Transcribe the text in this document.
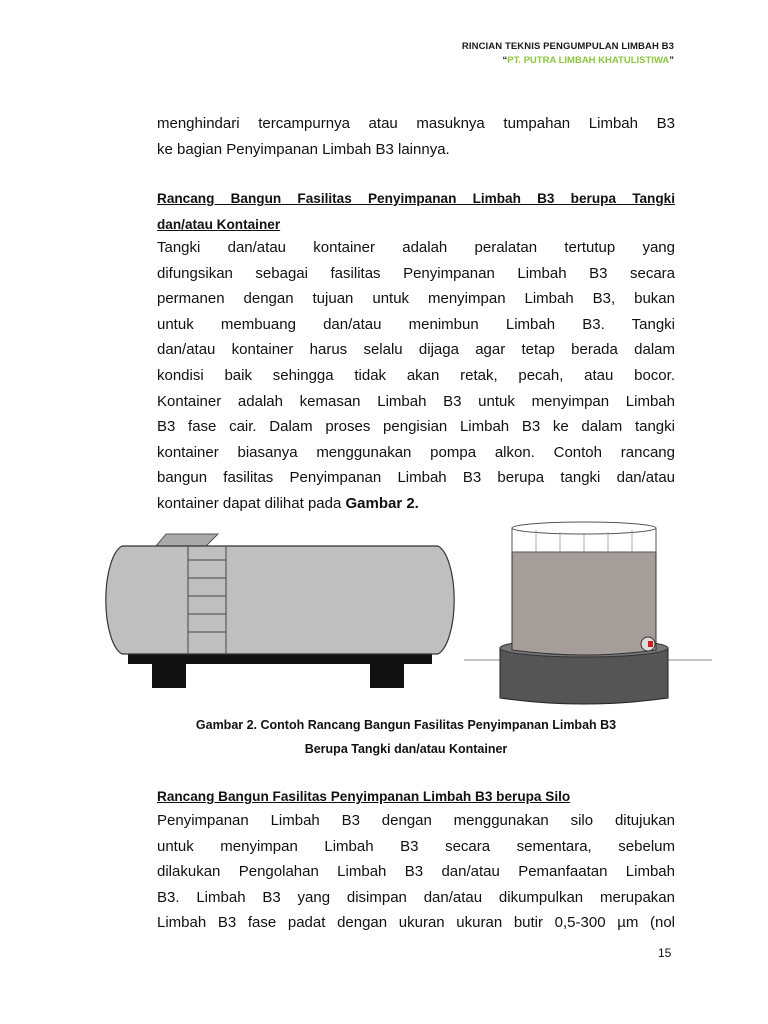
RINCIAN TEKNIS PENGUMPULAN LIMBAH B3
“PT. PUTRA LIMBAH KHATULISTIWA”
menghindari tercampurnya atau masuknya tumpahan Limbah B3
ke bagian Penyimpanan Limbah B3 lainnya.
Rancang Bangun Fasilitas Penyimpanan Limbah B3 berupa Tangki
dan/atau Kontainer
Tangki dan/atau kontainer adalah peralatan tertutup yang
difungsikan sebagai fasilitas Penyimpanan Limbah B3 secara
permanen dengan tujuan untuk menyimpan Limbah B3, bukan
untuk membuang dan/atau menimbun Limbah B3. Tangki
dan/atau kontainer harus selalu dijaga agar tetap berada dalam
kondisi baik sehingga tidak akan retak, pecah, atau bocor.
Kontainer adalah kemasan Limbah B3 untuk menyimpan Limbah
B3 fase cair. Dalam proses pengisian Limbah B3 ke dalam tangki
kontainer biasanya menggunakan pompa alkon. Contoh rancang
bangun fasilitas Penyimpanan Limbah B3 berupa tangki dan/atau
kontainer dapat dilihat pada Gambar 2.
Gambar 2. Contoh Rancang Bangun Fasilitas Penyimpanan Limbah B3
Berupa Tangki dan/atau Kontainer
Rancang Bangun Fasilitas Penyimpanan Limbah B3 berupa Silo
Penyimpanan Limbah B3 dengan menggunakan silo ditujukan
untuk menyimpan Limbah B3 secara sementara, sebelum
dilakukan Pengolahan Limbah B3 dan/atau Pemanfaatan Limbah
B3. Limbah B3 yang disimpan dan/atau dikumpulkan merupakan
Limbah B3 fase padat dengan ukuran ukuran butir 0,5-300 µm (nol
15
